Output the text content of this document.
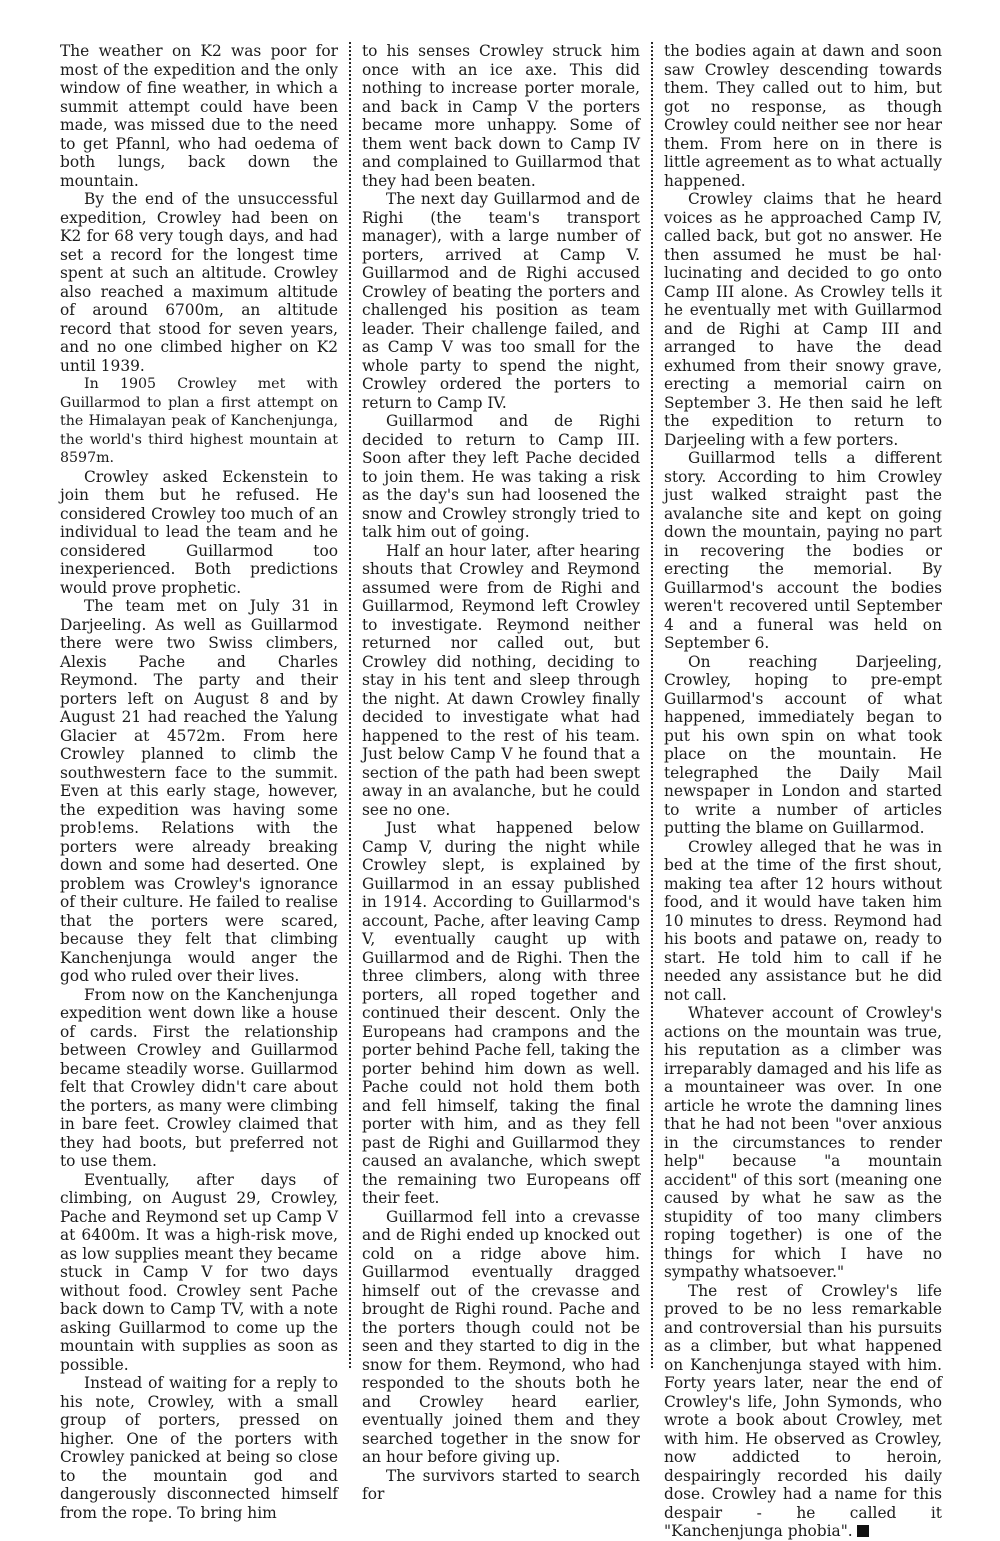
The weather on K2 was poor for most of the expedition and the only window of fine weather, in which a summit attempt could have been made, was missed due to the need to get Pfannl, who had oedema of both lungs, back down the mountain.

By the end of the unsuccessful expedition, Crowley had been on K2 for 68 very tough days, and had set a record for the longest time spent at such an altitude. Crowley also reached a maximum altitude of around 6700m, an altitude record that stood for seven years, and no one climbed higher on K2 until 1939.

In 1905 Crowley met with Guillarmod to plan a first attempt on the Himalayan peak of Kanchenjunga, the world's third highest mountain at 8597m.

Crowley asked Eckenstein to join them but he refused. He considered Crowley too much of an individual to lead the team and he considered Guillarmod too inexperienced. Both predictions would prove prophetic.

The team met on July 31 in Darjeeling. As well as Guillarmod there were two Swiss climbers, Alexis Pache and Charles Reymond. The party and their porters left on August 8 and by August 21 had reached the Yalung Glacier at 4572m. From here Crowley planned to climb the southwestern face to the summit. Even at this early stage, however, the expedition was having some prob!ems. Relations with the porters were already breaking down and some had deserted. One problem was Crowley's ignorance of their culture. He failed to realise that the porters were scared, because they felt that climbing Kanchenjunga would anger the god who ruled over their lives.

From now on the Kanchenjunga expedition went down like a house of cards. First the relationship between Crowley and Guillarmod became steadily worse. Guillarmod felt that Crowley didn't care about the porters, as many were climbing in bare feet. Crowley claimed that they had boots, but preferred not to use them.

Eventually, after days of climbing, on August 29, Crowley, Pache and Reymond set up Camp V at 6400m. It was a high-risk move, as low supplies meant they became stuck in Camp V for two days without food. Crowley sent Pache back down to Camp TV, with a note asking Guillarmod to come up the mountain with supplies as soon as possible.

Instead of waiting for a reply to his note, Crowley, with a small group of porters, pressed on higher. One of the porters with Crowley panicked at being so close to the mountain god and dangerously disconnected himself from the rope. To bring him

to his senses Crowley struck him once with an ice axe. This did nothing to increase porter morale, and back in Camp V the porters became more unhappy. Some of them went back down to Camp IV and complained to Guillarmod that they had been beaten.

The next day Guillarmod and de Righi (the team's transport manager), with a large number of porters, arrived at Camp V. Guillarmod and de Righi accused Crowley of beating the porters and challenged his position as team leader. Their challenge failed, and as Camp V was too small for the whole party to spend the night, Crowley ordered the porters to return to Camp IV.

Guillarmod and de Righi decided to return to Camp III. Soon after they left Pache decided to join them. He was taking a risk as the day's sun had loosened the snow and Crowley strongly tried to talk him out of going.

Half an hour later, after hearing shouts that Crowley and Reymond assumed were from de Righi and Guillarmod, Reymond left Crowley to investigate. Reymond neither returned nor called out, but Crowley did nothing, deciding to stay in his tent and sleep through the night. At dawn Crowley finally decided to investigate what had happened to the rest of his team. Just below Camp V he found that a section of the path had been swept away in an avalanche, but he could see no one.

Just what happened below Camp V, during the night while Crowley slept, is explained by Guillarmod in an essay published in 1914. According to Guillarmod's account, Pache, after leaving Camp V, eventually caught up with Guillarmod and de Righi. Then the three climbers, along with three porters, all roped together and continued their descent. Only the Europeans had crampons and the porter behind Pache fell, taking the porter behind him down as well. Pache could not hold them both and fell himself, taking the final porter with him, and as they fell past de Righi and Guillarmod they caused an avalanche, which swept the remaining two Europeans off their feet.

Guillarmod fell into a crevasse and de Righi ended up knocked out cold on a ridge above him. Guillarmod eventually dragged himself out of the crevasse and brought de Righi round. Pache and the porters though could not be seen and they started to dig in the snow for them. Reymond, who had responded to the shouts both he and Crowley heard earlier, eventually joined them and they searched together in the snow for an hour before giving up.

The survivors started to search for

the bodies again at dawn and soon saw Crowley descending towards them. They called out to him, but got no response, as though Crowley could neither see nor hear them. From here on in there is little agreement as to what actually happened.

Crowley claims that he heard voices as he approached Camp IV, called back, but got no answer. He then assumed he must be hal· lucinating and decided to go onto Camp III alone. As Crowley tells it he eventually met with Guillarmod and de Righi at Camp III and arranged to have the dead exhumed from their snowy grave, erecting a memorial cairn on September 3. He then said he left the expedition to return to Darjeeling with a few porters.

Guillarmod tells a different story. According to him Crowley just walked straight past the avalanche site and kept on going down the mountain, paying no part in recovering the bodies or erecting the memorial. By Guillarmod's account the bodies weren't recovered until September 4 and a funeral was held on September 6.

On reaching Darjeeling, Crowley, hoping to pre-empt Guillarmod's account of what happened, immediately began to put his own spin on what took place on the mountain. He telegraphed the Daily Mail newspaper in London and started to write a number of articles putting the blame on Guillarmod.

Crowley alleged that he was in bed at the time of the first shout, making tea after 12 hours without food, and it would have taken him 10 minutes to dress. Reymond had his boots and patawe on, ready to start. He told him to call if he needed any assistance but he did not call.

Whatever account of Crowley's actions on the mountain was true, his reputation as a climber was irreparably damaged and his life as a mountaineer was over. In one article he wrote the damning lines that he had not been "over anxious in the circumstances to render help" because "a mountain accident" of this sort (meaning one caused by what he saw as the stupidity of too many climbers roping together) is one of the things for which I have no sympathy whatsoever."

The rest of Crowley's life proved to be no less remarkable and controversial than his pursuits as a climber, but what happened on Kanchenjunga stayed with him. Forty years later, near the end of Crowley's life, John Symonds, who wrote a book about Crowley, met with him. He observed as Crowley, now addicted to heroin, despairingly recorded his daily dose. Crowley had a name for this despair - he called it "Kanchenjunga phobia".
